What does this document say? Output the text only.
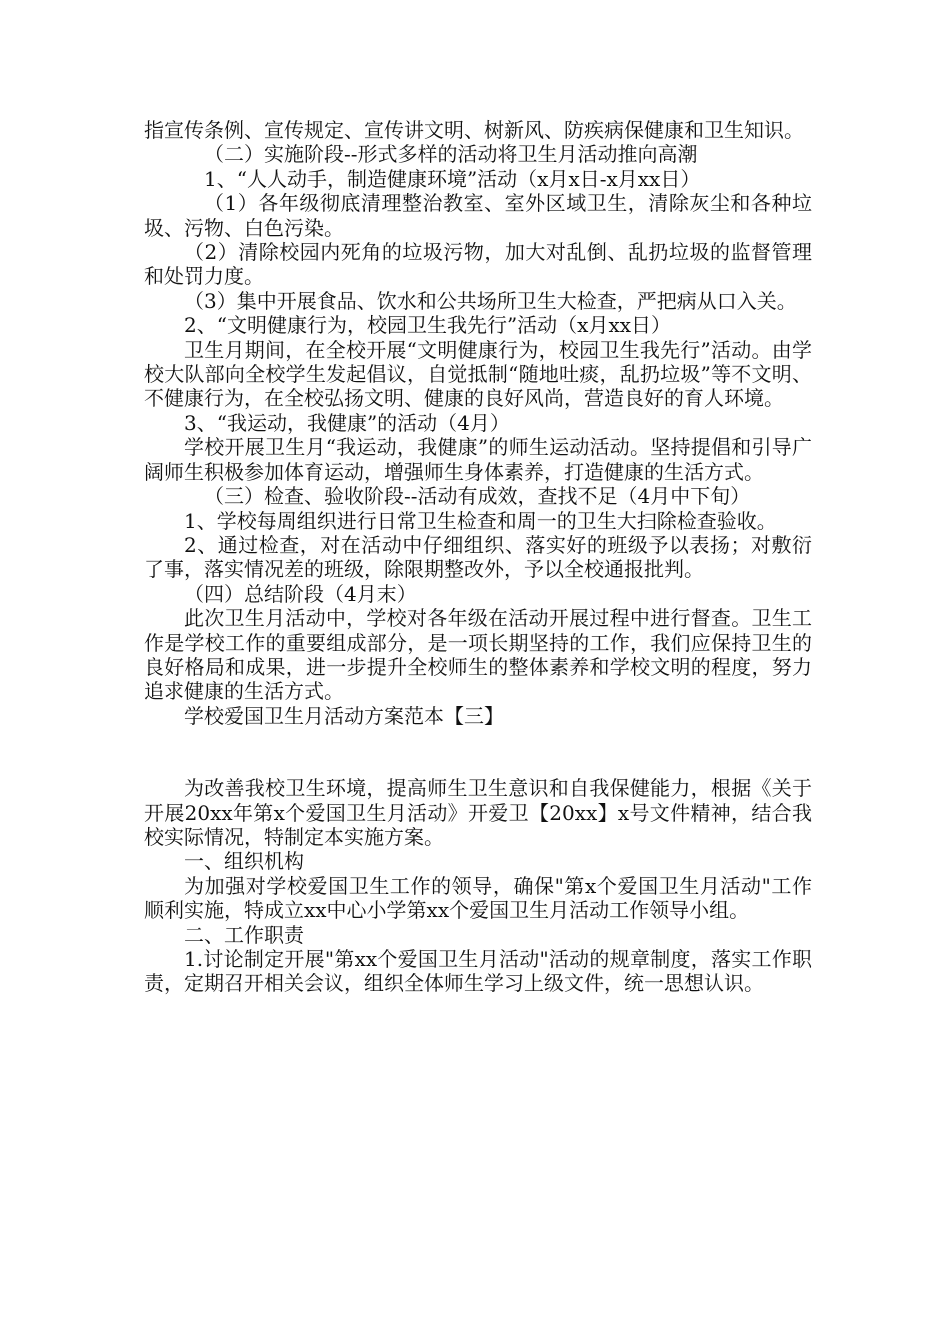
指宣传条例、宣传规定、宣传讲文明、树新风、防疾病保健康和卫生知识。

（二）实施阶段--形式多样的活动将卫生月活动推向高潮

1、“人人动手，制造健康环境”活动（x月x日-x月xx日）

（1）各年级彻底清理整治教室、室外区域卫生，清除灰尘和各种垃圾、污物、白色污染。

（2）清除校园内死角的垃圾污物，加大对乱倒、乱扔垃圾的监督管理和处罚力度。

（3）集中开展食品、饮水和公共场所卫生大检查，严把病从口入关。

2、“文明健康行为，校园卫生我先行”活动（x月xx日）

卫生月期间，在全校开展“文明健康行为，校园卫生我先行”活动。由学校大队部向全校学生发起倡议，自觉抵制“随地吐痰，乱扔垃圾”等不文明、不健康行为，在全校弘扬文明、健康的良好风尚，营造良好的育人环境。

3、“我运动，我健康”的活动（4月）

学校开展卫生月“我运动，我健康”的师生运动活动。坚持提倡和引导广阔师生积极参加体育运动，增强师生身体素养，打造健康的生活方式。

（三）检查、验收阶段--活动有成效，查找不足（4月中下旬）

1、学校每周组织进行日常卫生检查和周一的卫生大扫除检查验收。

2、通过检查，对在活动中仔细组织、落实好的班级予以表扬；对敷衍了事，落实情况差的班级，除限期整改外，予以全校通报批判。

（四）总结阶段（4月末）

此次卫生月活动中，学校对各年级在活动开展过程中进行督查。卫生工作是学校工作的重要组成部分，是一项长期坚持的工作，我们应保持卫生的良好格局和成果，进一步提升全校师生的整体素养和学校文明的程度，努力追求健康的生活方式。

学校爱国卫生月活动方案范本【三】

为改善我校卫生环境，提高师生卫生意识和自我保健能力，根据《关于开展20xx年第x个爱国卫生月活动》开爱卫【20xx】x号文件精神，结合我校实际情况，特制定本实施方案。

一、组织机构

为加强对学校爱国卫生工作的领导，确保"第x个爱国卫生月活动"工作顺利实施，特成立xx中心小学第xx个爱国卫生月活动工作领导小组。

二、工作职责

1.讨论制定开展"第xx个爱国卫生月活动"活动的规章制度，落实工作职责，定期召开相关会议，组织全体师生学习上级文件，统一思想认识。
